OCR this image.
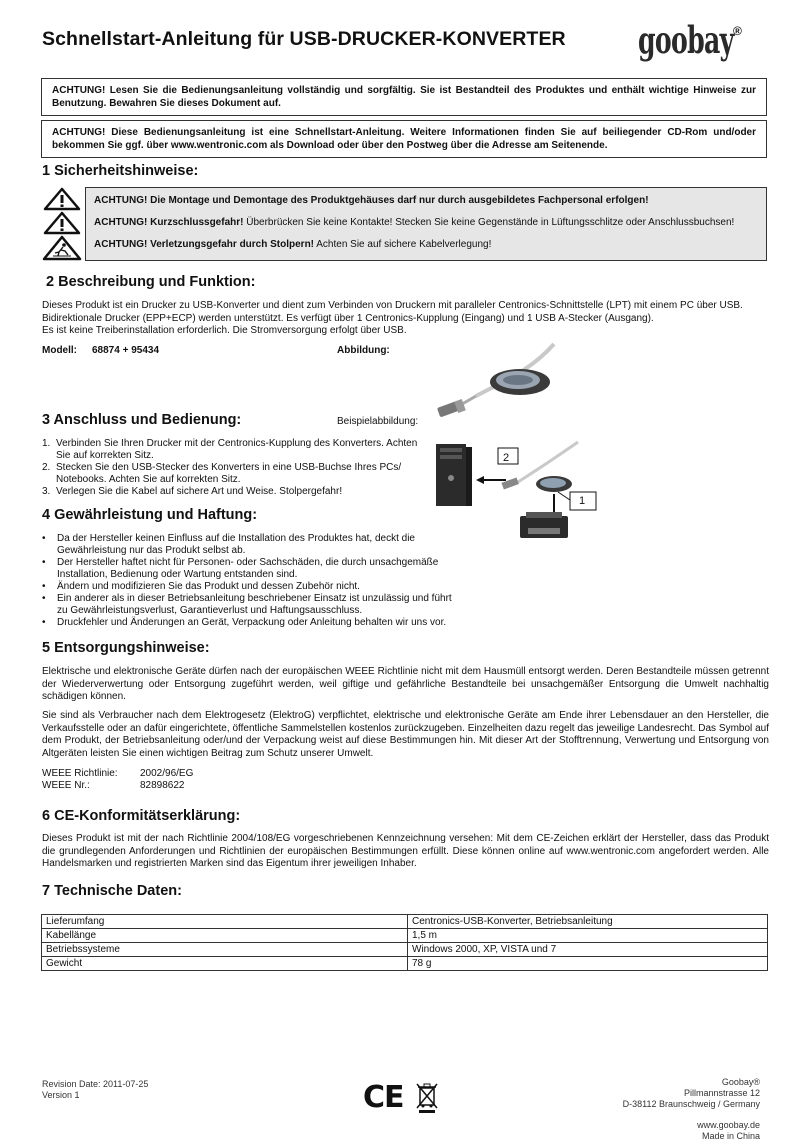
Schnellstart-Anleitung für USB-DRUCKER-KONVERTER goobay ®
ACHTUNG! Lesen Sie die Bedienungsanleitung vollständig und sorgfältig. Sie ist Bestandteil des Produktes und enthält wichtige Hinweise zur Benutzung. Bewahren Sie dieses Dokument auf.
ACHTUNG! Diese Bedienungsanleitung ist eine Schnellstart-Anleitung. Weitere Informationen finden Sie auf beiliegender CD-Rom und/oder bekommen Sie ggf. über www.wentronic.com als Download oder über den Postweg über die Adresse am Seitenende.
1 Sicherheitshinweise:

ACHTUNG! Die Montage und Demontage des Produktgehäuses darf nur durch ausgebildetes Fachpersonal erfolgen!

ACHTUNG! Kurzschlussgefahr! Überbrücken Sie keine Kontakte! Stecken Sie keine Gegenstände in Lüftungsschlitze oder Anschlussbuchsen!

ACHTUNG! Verletzungsgefahr durch Stolpern! Achten Sie auf sichere Kabelverlegung!

2 Beschreibung und Funktion:
Dieses Produkt ist ein Drucker zu USB-Konverter und dient zum Verbinden von Druckern mit paralleler Centronics-Schnittstelle (LPT) mit einem PC über USB.
Bidirektionale Drucker (EPP+ECP) werden unterstützt. Es verfügt über 1 Centronics-Kupplung (Eingang) und 1 USB A-Stecker (Ausgang).
Es ist keine Treiberinstallation erforderlich. Die Stromversorgung erfolgt über USB.
Modell: 68874 + 95434	Abbildung:
3 Anschluss und Bedienung:	Beispielabbildung:
1. Verbinden Sie Ihren Drucker mit der Centronics-Kupplung des Konverters. Achten Sie auf korrekten Sitz.
2. Stecken Sie den USB-Stecker des Konverters in eine USB-Buchse Ihres PCs/ Notebooks. Achten Sie auf korrekten Sitz.
3. Verlegen Sie die Kabel auf sichere Art und Weise. Stolpergefahr!
2
1
4 Gewährleistung und Haftung:
• Da der Hersteller keinen Einfluss auf die Installation des Produktes hat, deckt die Gewährleistung nur das Produkt selbst ab.
• Der Hersteller haftet nicht für Personen- oder Sachschäden, die durch unsachgemäße Installation, Bedienung oder Wartung entstanden sind.
• Ändern und modifizieren Sie das Produkt und dessen Zubehör nicht.
• Ein anderer als in dieser Betriebsanleitung beschriebener Einsatz ist unzulässig und führt zu Gewährleistungsverlust, Garantieverlust und Haftungsausschluss.
• Druckfehler und Änderungen an Gerät, Verpackung oder Anleitung behalten wir uns vor.
5 Entsorgungshinweise:
Elektrische und elektronische Geräte dürfen nach der europäischen WEEE Richtlinie nicht mit dem Hausmüll entsorgt werden. Deren Bestandteile müssen getrennt der Wiederverwertung oder Entsorgung zugeführt werden, weil giftige und gefährliche Bestandteile bei unsachgemäßer Entsorgung die Umwelt nachhaltig schädigen können.
Sie sind als Verbraucher nach dem Elektrogesetz (ElektroG) verpflichtet, elektrische und elektronische Geräte am Ende ihrer Lebensdauer an den Hersteller, die Verkaufsstelle oder an dafür eingerichtete, öffentliche Sammelstellen kostenlos zurückzugeben. Einzelheiten dazu regelt das jeweilige Landesrecht. Das Symbol auf dem Produkt, der Betriebsanleitung oder/und der Verpackung weist auf diese Bestimmungen hin. Mit dieser Art der Stofftrennung, Verwertung und Entsorgung von Altgeräten leisten Sie einen wichtigen Beitrag zum Schutz unserer Umwelt.
WEEE Richtlinie: 2002/96/EG
WEEE Nr.:	82898622
6 CE-Konformitätserklärung:
Dieses Produkt ist mit der nach Richtlinie 2004/108/EG vorgeschriebenen Kennzeichnung versehen: Mit dem CE-Zeichen erklärt der Hersteller, dass das Produkt die grundlegenden Anforderungen und Richtlinien der europäischen Bestimmungen erfüllt. Diese können online auf www.wentronic.com angefordert werden. Alle Handelsmarken und registrierten Marken sind das Eigentum ihrer jeweiligen Inhaber.
7 Technische Daten:
Lieferumfang	Centronics-USB-Konverter, Betriebsanleitung
Kabellänge	1,5 m
Betriebssysteme	Windows 2000, XP, VISTA und 7
Gewicht	78 g
Revision Date: 2011-07-25
Version 1	CE	Goobay®
Pillmannstrasse 12
D-38112 Braunschweig / Germany
www.goobay.de
Made in China
